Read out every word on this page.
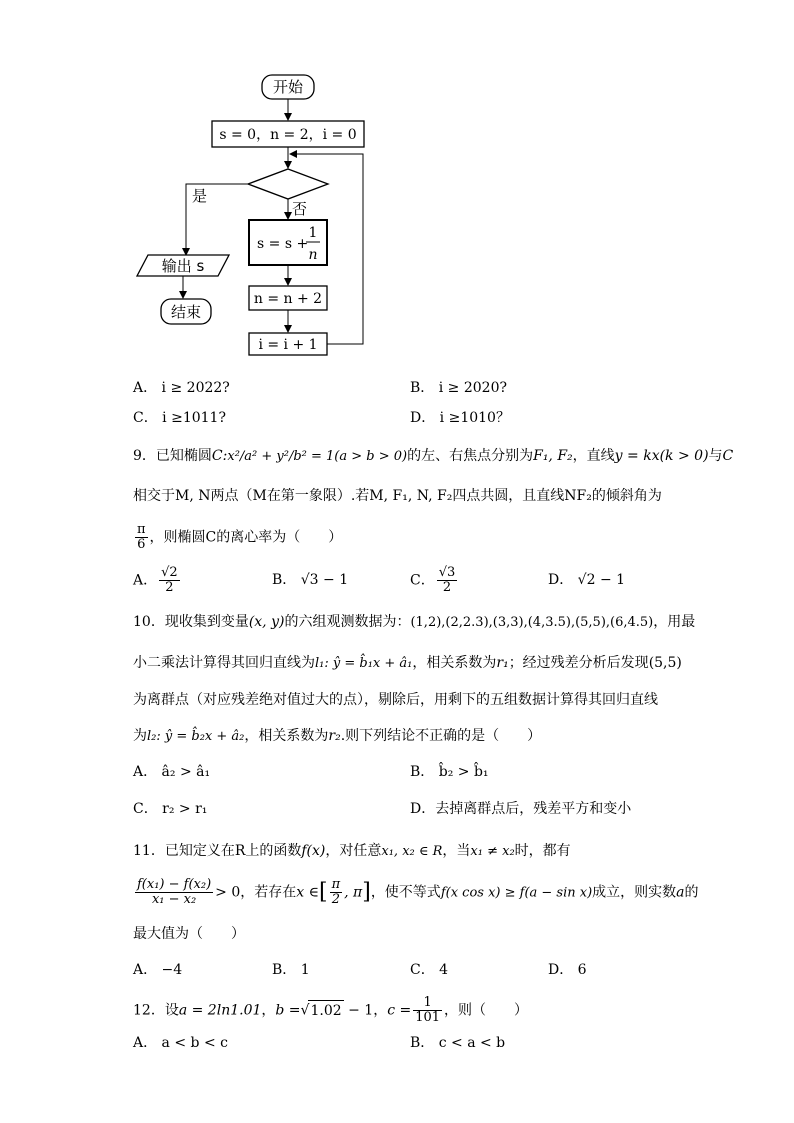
开始
s = 0，n = 2，i = 0
是
否
s = s +
1
n
n = n + 2
i = i + 1
输出 s
结束
A． i ≥ 2022?	B． i ≥ 2020?
C． i ≥1011?	D． i ≥1010？
9．已知椭圆C:x²/a² + y²/b² = 1(a > b > 0)的左、右焦点分别为F₁, F₂，直线y = kx(k > 0)与C
相交于M, N两点（M在第一象限）.若M, F₁, N, F₂四点共圆，且直线NF₂的倾斜角为
$\frac{\pi}{6}$ ，则椭圆C的离心率为（　　）
A． $\frac{√2}{2}$	B． √3 − 1	C． $\frac{√3}{2}$	D． √2 − 1
10．现收集到变量(x, y)的六组观测数据为：(1,2),(2,2.3),(3,3),(4,3.5),(5,5),(6,4.5)，用最
小二乘法计算得其回归直线为l₁: ŷ = b̂₁x + â₁，相关系数为r₁；经过残差分析后发现(5,5)
为离群点（对应残差绝对值过大的点），剔除后，用剩下的五组数据计算得其回归直线
为l₂: ŷ = b̂₂x + â₂，相关系数为r₂.则下列结论不正确的是（　　）
A． â₂ > â₁	B． b̂₂ > b̂₁
C． r₂ > r₁	D．去掉离群点后，残差平方和变小
11．已知定义在R上的函数f(x)，对任意x₁, x₂ ∈ R，当x₁ ≠ x₂时，都有
$\frac{\text{f(x₁) − f(x₂)}}{\text{x₁ − x₂}} > 0$，若存在x ∈[ $\frac{\pi}{2}$ , π]，使不等式f(x cos x) ≥ f(a − sin x)成立，则实数a的
最大值为（　　）
A． −4	B． 1	C． 4	D． 6
12．设a = 2ln1.01，b =√1.02 − 1，$c = \frac{1}{101}$ ，则（　　）
A． a < b < c	B． c < a < b
